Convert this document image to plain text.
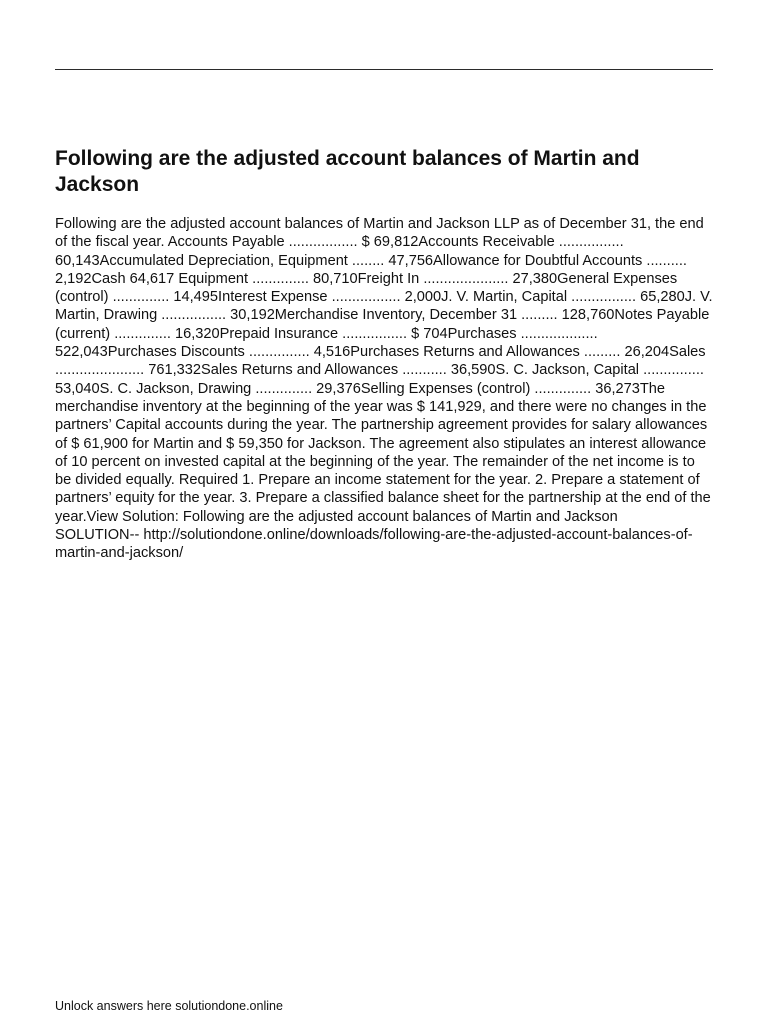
Following are the adjusted account balances of Martin and Jackson
Following are the adjusted account balances of Martin and Jackson LLP as of December 31, the end of the fiscal year. Accounts Payable ................. $ 69,812Accounts Receivable ................ 60,143Accumulated Depreciation, Equipment ........ 47,756Allowance for Doubtful Accounts .......... 2,192Cash 64,617 Equipment .............. 80,710Freight In ..................... 27,380General Expenses (control) .............. 14,495Interest Expense ................. 2,000J. V. Martin, Capital ................ 65,280J. V. Martin, Drawing ................ 30,192Merchandise Inventory, December 31 ......... 128,760Notes Payable (current) .............. 16,320Prepaid Insurance ................ $ 704Purchases ................... 522,043Purchases Discounts ............... 4,516Purchases Returns and Allowances ......... 26,204Sales ...................... 761,332Sales Returns and Allowances ........... 36,590S. C. Jackson, Capital ............... 53,040S. C. Jackson, Drawing .............. 29,376Selling Expenses (control) .............. 36,273The merchandise inventory at the beginning of the year was $ 141,929, and there were no changes in the partners’ Capital accounts during the year. The partnership agreement provides for salary allowances of $ 61,900 for Martin and $ 59,350 for Jackson. The agreement also stipulates an interest allowance of 10 percent on invested capital at the beginning of the year. The remainder of the net income is to be divided equally. Required 1. Prepare an income statement for the year. 2. Prepare a statement of partners’ equity for the year. 3. Prepare a classified balance sheet for the partnership at the end of the year.View Solution: Following are the adjusted account balances of Martin and Jackson
SOLUTION-- http://solutiondone.online/downloads/following-are-the-adjusted-account-balances-of-martin-and-jackson/

Unlock answers here solutiondone.online
